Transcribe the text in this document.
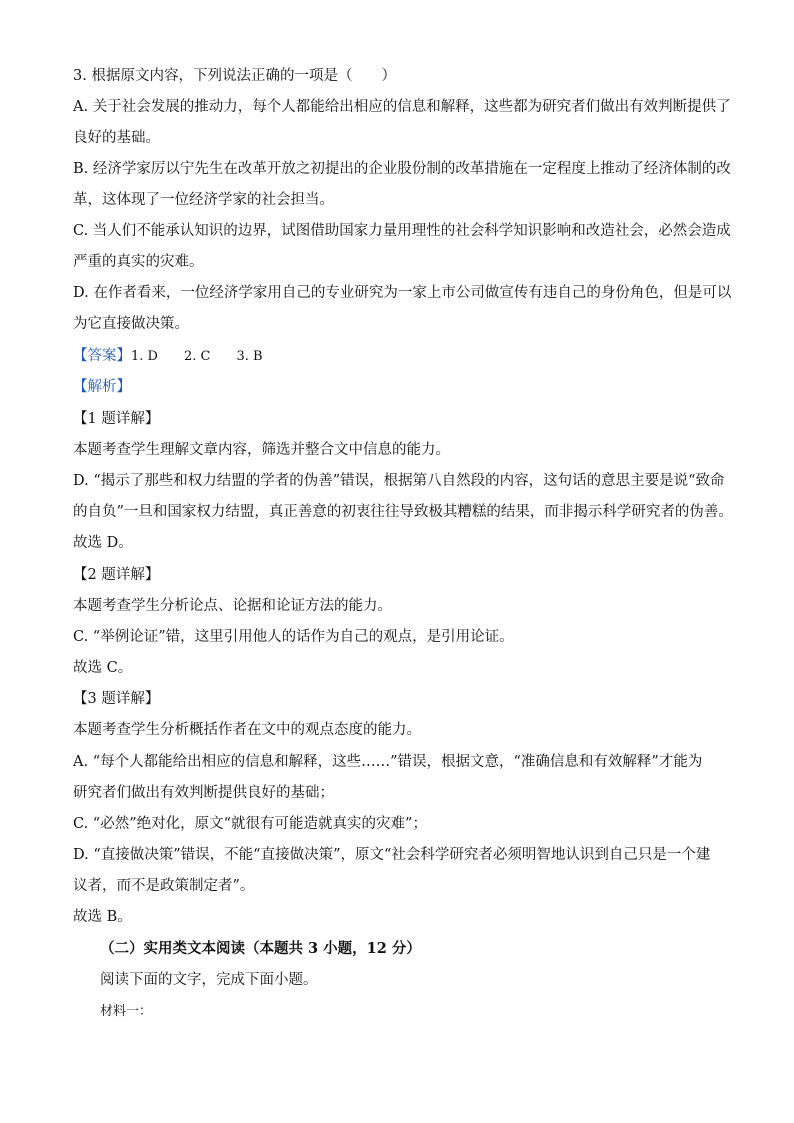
3. 根据原文内容，下列说法正确的一项是（　　）
A. 关于社会发展的推动力，每个人都能给出相应的信息和解释，这些都为研究者们做出有效判断提供了
良好的基础。
B. 经济学家厉以宁先生在改革开放之初提出的企业股份制的改革措施在一定程度上推动了经济体制的改
革，这体现了一位经济学家的社会担当。
C. 当人们不能承认知识的边界，试图借助国家力量用理性的社会科学知识影响和改造社会，必然会造成
严重的真实的灾难。
D. 在作者看来，一位经济学家用自己的专业研究为一家上市公司做宣传有违自己的身份角色，但是可以
为它直接做决策。
【答案】1. D　　2. C　　3. B
【解析】
【1 题详解】
本题考查学生理解文章内容，筛选并整合文中信息的能力。
D. “揭示了那些和权力结盟的学者的伪善”错误，根据第八自然段的内容，这句话的意思主要是说“致命
的自负”一旦和国家权力结盟，真正善意的初衷往往导致极其糟糕的结果，而非揭示科学研究者的伪善。
故选 D。
【2 题详解】
本题考查学生分析论点、论据和论证方法的能力。
C. “举例论证”错，这里引用他人的话作为自己的观点，是引用论证。
故选 C。
【3 题详解】
本题考查学生分析概括作者在文中的观点态度的能力。
A. “每个人都能给出相应的信息和解释，这些……”错误，根据文意，“准确信息和有效解释”才能为
研究者们做出有效判断提供良好的基础；
C. “必然”绝对化，原文“就很有可能造就真实的灾难”；
D. “直接做决策”错误，不能“直接做决策”，原文“社会科学研究者必须明智地认识到自己只是一个建
议者，而不是政策制定者”。
故选 B。
（二）实用类文本阅读（本题共 3 小题，12 分）
阅读下面的文字，完成下面小题。
材料一：
